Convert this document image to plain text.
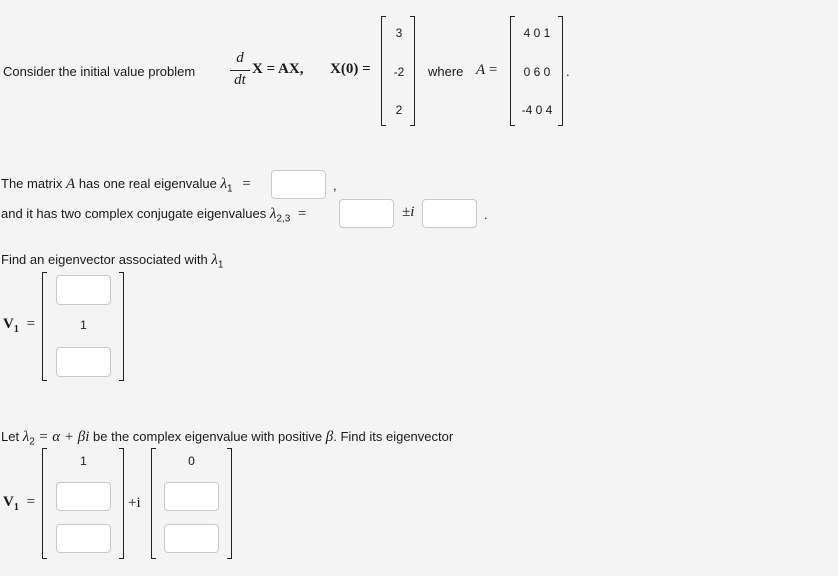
Consider the initial value problem
d
dt
X = AX, X(0) =
3
-2
2
where A =
4 0 1
0 6 0
-4 0 4
.
The matrix A has one real eigenvalue $\lambda_1$ =	,
and it has two complex conjugate eigenvalues $\lambda_{2,3}$ =	±i	.
Find an eigenvector associated with $\lambda_1$
$V_1$ =	1
Let $\lambda_2 = \alpha + \beta i$ be the complex eigenvalue with positive β. Find its eigenvector
$V_1$ =
1
+i
0
